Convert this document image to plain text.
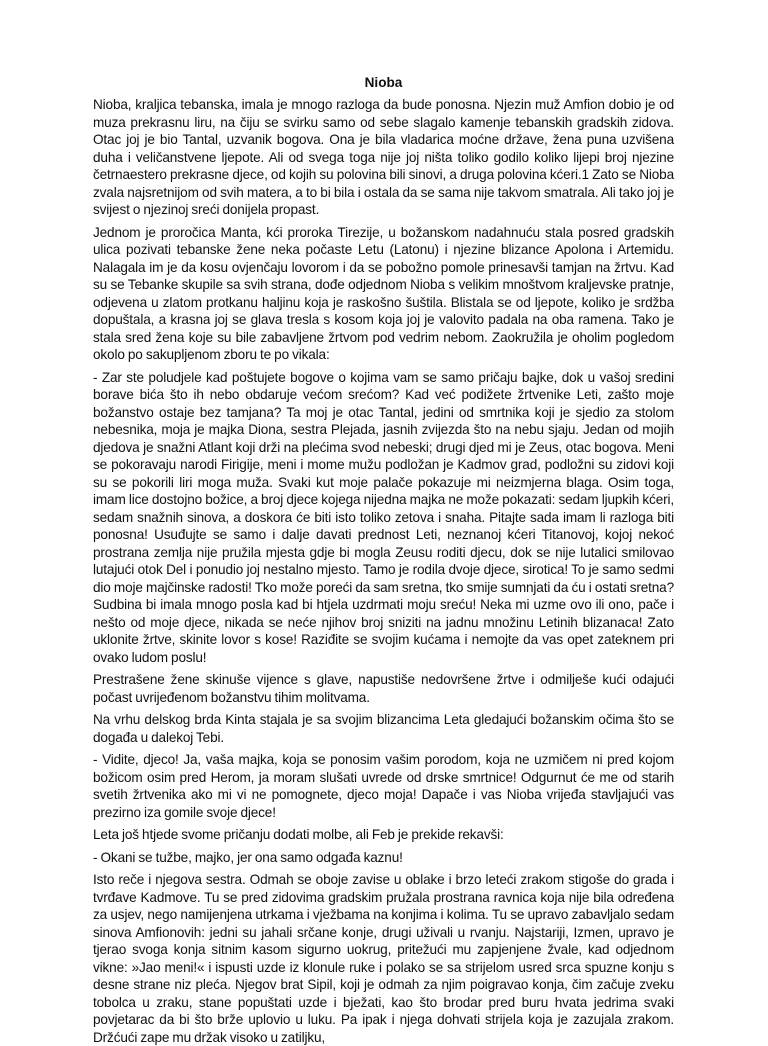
Nioba

Nioba, kraljica tebanska, imala je mnogo razloga da bude ponosna. Njezin muž Amfion dobio je od muza prekrasnu liru, na čiju se svirku samo od sebe slagalo kamenje tebanskih gradskih zidova. Otac joj je bio Tantal, uzvanik bogova. Ona je bila vladarica moćne države, žena puna uzvišena duha i veličanstvene ljepote. Ali od svega toga nije joj ništa toliko godilo koliko lijepi broj njezine četrnaestero prekrasne djece, od kojih su polovina bili sinovi, a druga polovina kćeri.1 Zato se Nioba zvala najsretnijom od svih matera, a to bi bila i ostala da se sama nije takvom smatrala. Ali tako joj je svijest o njezinoj sreći donijela propast.

Jednom je proročica Manta, kći proroka Tirezije, u božanskom nadahnuću stala posred gradskih ulica pozivati tebanske žene neka počaste Letu (Latonu) i njezine blizance Apolona i Artemidu. Nalagala im je da kosu ovjenčaju lovorom i da se pobožno pomole prinesavši tamjan na žrtvu. Kad su se Tebanke skupile sa svih strana, dođe odjednom Nioba s velikim mnoštvom kraljevske pratnje, odjevena u zlatom protkanu haljinu koja je raskošno šuštila. Blistala se od ljepote, koliko je srdžba dopuštala, a krasna joj se glava tresla s kosom koja joj je valovito padala na oba ramena. Tako je stala sred žena koje su bile zabavljene žrtvom pod vedrim nebom. Zaokružila je oholim pogledom okolo po sakupljenom zboru te po vikala:

- Zar ste poludjele kad poštujete bogove o kojima vam se samo pričaju bajke, dok u vašoj sredini borave bića što ih nebo obdaruje većom srećom? Kad već podižete žrtvenike Leti, zašto moje božanstvo ostaje bez tamjana? Ta moj je otac Tantal, jedini od smrtnika koji je sjedio za stolom nebesnika, moja je majka Diona, sestra Plejada, jasnih zvijezda što na nebu sjaju. Jedan od mojih djedova je snažni Atlant koji drži na plećima svod nebeski; drugi djed mi je Zeus, otac bogova. Meni se pokoravaju narodi Firigije, meni i mome mužu podložan je Kadmov grad, podložni su zidovi koji su se pokorili liri moga muža. Svaki kut moje palače pokazuje mi neizmjerna blaga. Osim toga, imam lice dostojno božice, a broj djece kojega nijedna majka ne može pokazati: sedam ljupkih kćeri, sedam snažnih sinova, a doskora će biti isto toliko zetova i snaha. Pitajte sada imam li razloga biti ponosna! Usuđujte se samo i dalje davati prednost Leti, neznanoj kćeri Titanovoj, kojoj nekoć prostrana zemlja nije pružila mjesta gdje bi mogla Zeusu roditi djecu, dok se nije lutalici smilovao lutajući otok Del i ponudio joj nestalno mjesto. Tamo je rodila dvoje djece, sirotica! To je samo sedmi dio moje majčinske radosti! Tko može poreći da sam sretna, tko smije sumnjati da ću i ostati sretna? Sudbina bi imala mnogo posla kad bi htjela uzdrmati moju sreću! Neka mi uzme ovo ili ono, pače i nešto od moje djece, nikada se neće njihov broj sniziti na jadnu množinu Letinih blizanaca! Zato uklonite žrtve, skinite lovor s kose! Raziđite se svojim kućama i nemojte da vas opet zateknem pri ovako ludom poslu!

Prestrašene žene skinuše vijence s glave, napustiše nedovršene žrtve i odmilješe kući odajući počast uvrijeđenom božanstvu tihim molitvama.

Na vrhu delskog brda Kinta stajala je sa svojim blizancima Leta gledajući božanskim očima što se događa u dalekoj Tebi.

- Vidite, djeco! Ja, vaša majka, koja se ponosim vašim porodom, koja ne uzmičem ni pred kojom božicom osim pred Herom, ja moram slušati uvrede od drske smrtnice! Odgurnut će me od starih svetih žrtvenika ako mi vi ne pomognete, djeco moja! Dapače i vas Nioba vrijeđa stavljajući vas prezirno iza gomile svoje djece!

Leta još htjede svome pričanju dodati molbe, ali Feb je prekide rekavši:

- Okani se tužbe, majko, jer ona samo odgađa kaznu!

Isto reče i njegova sestra. Odmah se oboje zavise u oblake i brzo leteći zrakom stigoše do grada i tvrđave Kadmove. Tu se pred zidovima gradskim pružala prostrana ravnica koja nije bila određena za usjev, nego namijenjena utrkama i vježbama na konjima i kolima. Tu se upravo zabavljalo sedam sinova Amfionovih: jedni su jahali srčane konje, drugi uživali u rvanju. Najstariji, Izmen, upravo je tjerao svoga konja sitnim kasom sigurno uokrug, pritežući mu zapjenjene žvale, kad odjednom vikne: »Jao meni!« i ispusti uzde iz klonule ruke i polako se sa strijelom usred srca spuzne konju s desne strane niz pleća. Njegov brat Sipil, koji je odmah za njim poigravao konja, čim začuje zveku tobolca u zraku, stane popuštati uzde i bježati, kao što brodar pred buru hvata jedrima svaki povjetarac da bi što brže uplovio u luku. Pa ipak i njega dohvati strijela koja je zazujala zrakom. Držćući zape mu držak visoko u zatiljku,
